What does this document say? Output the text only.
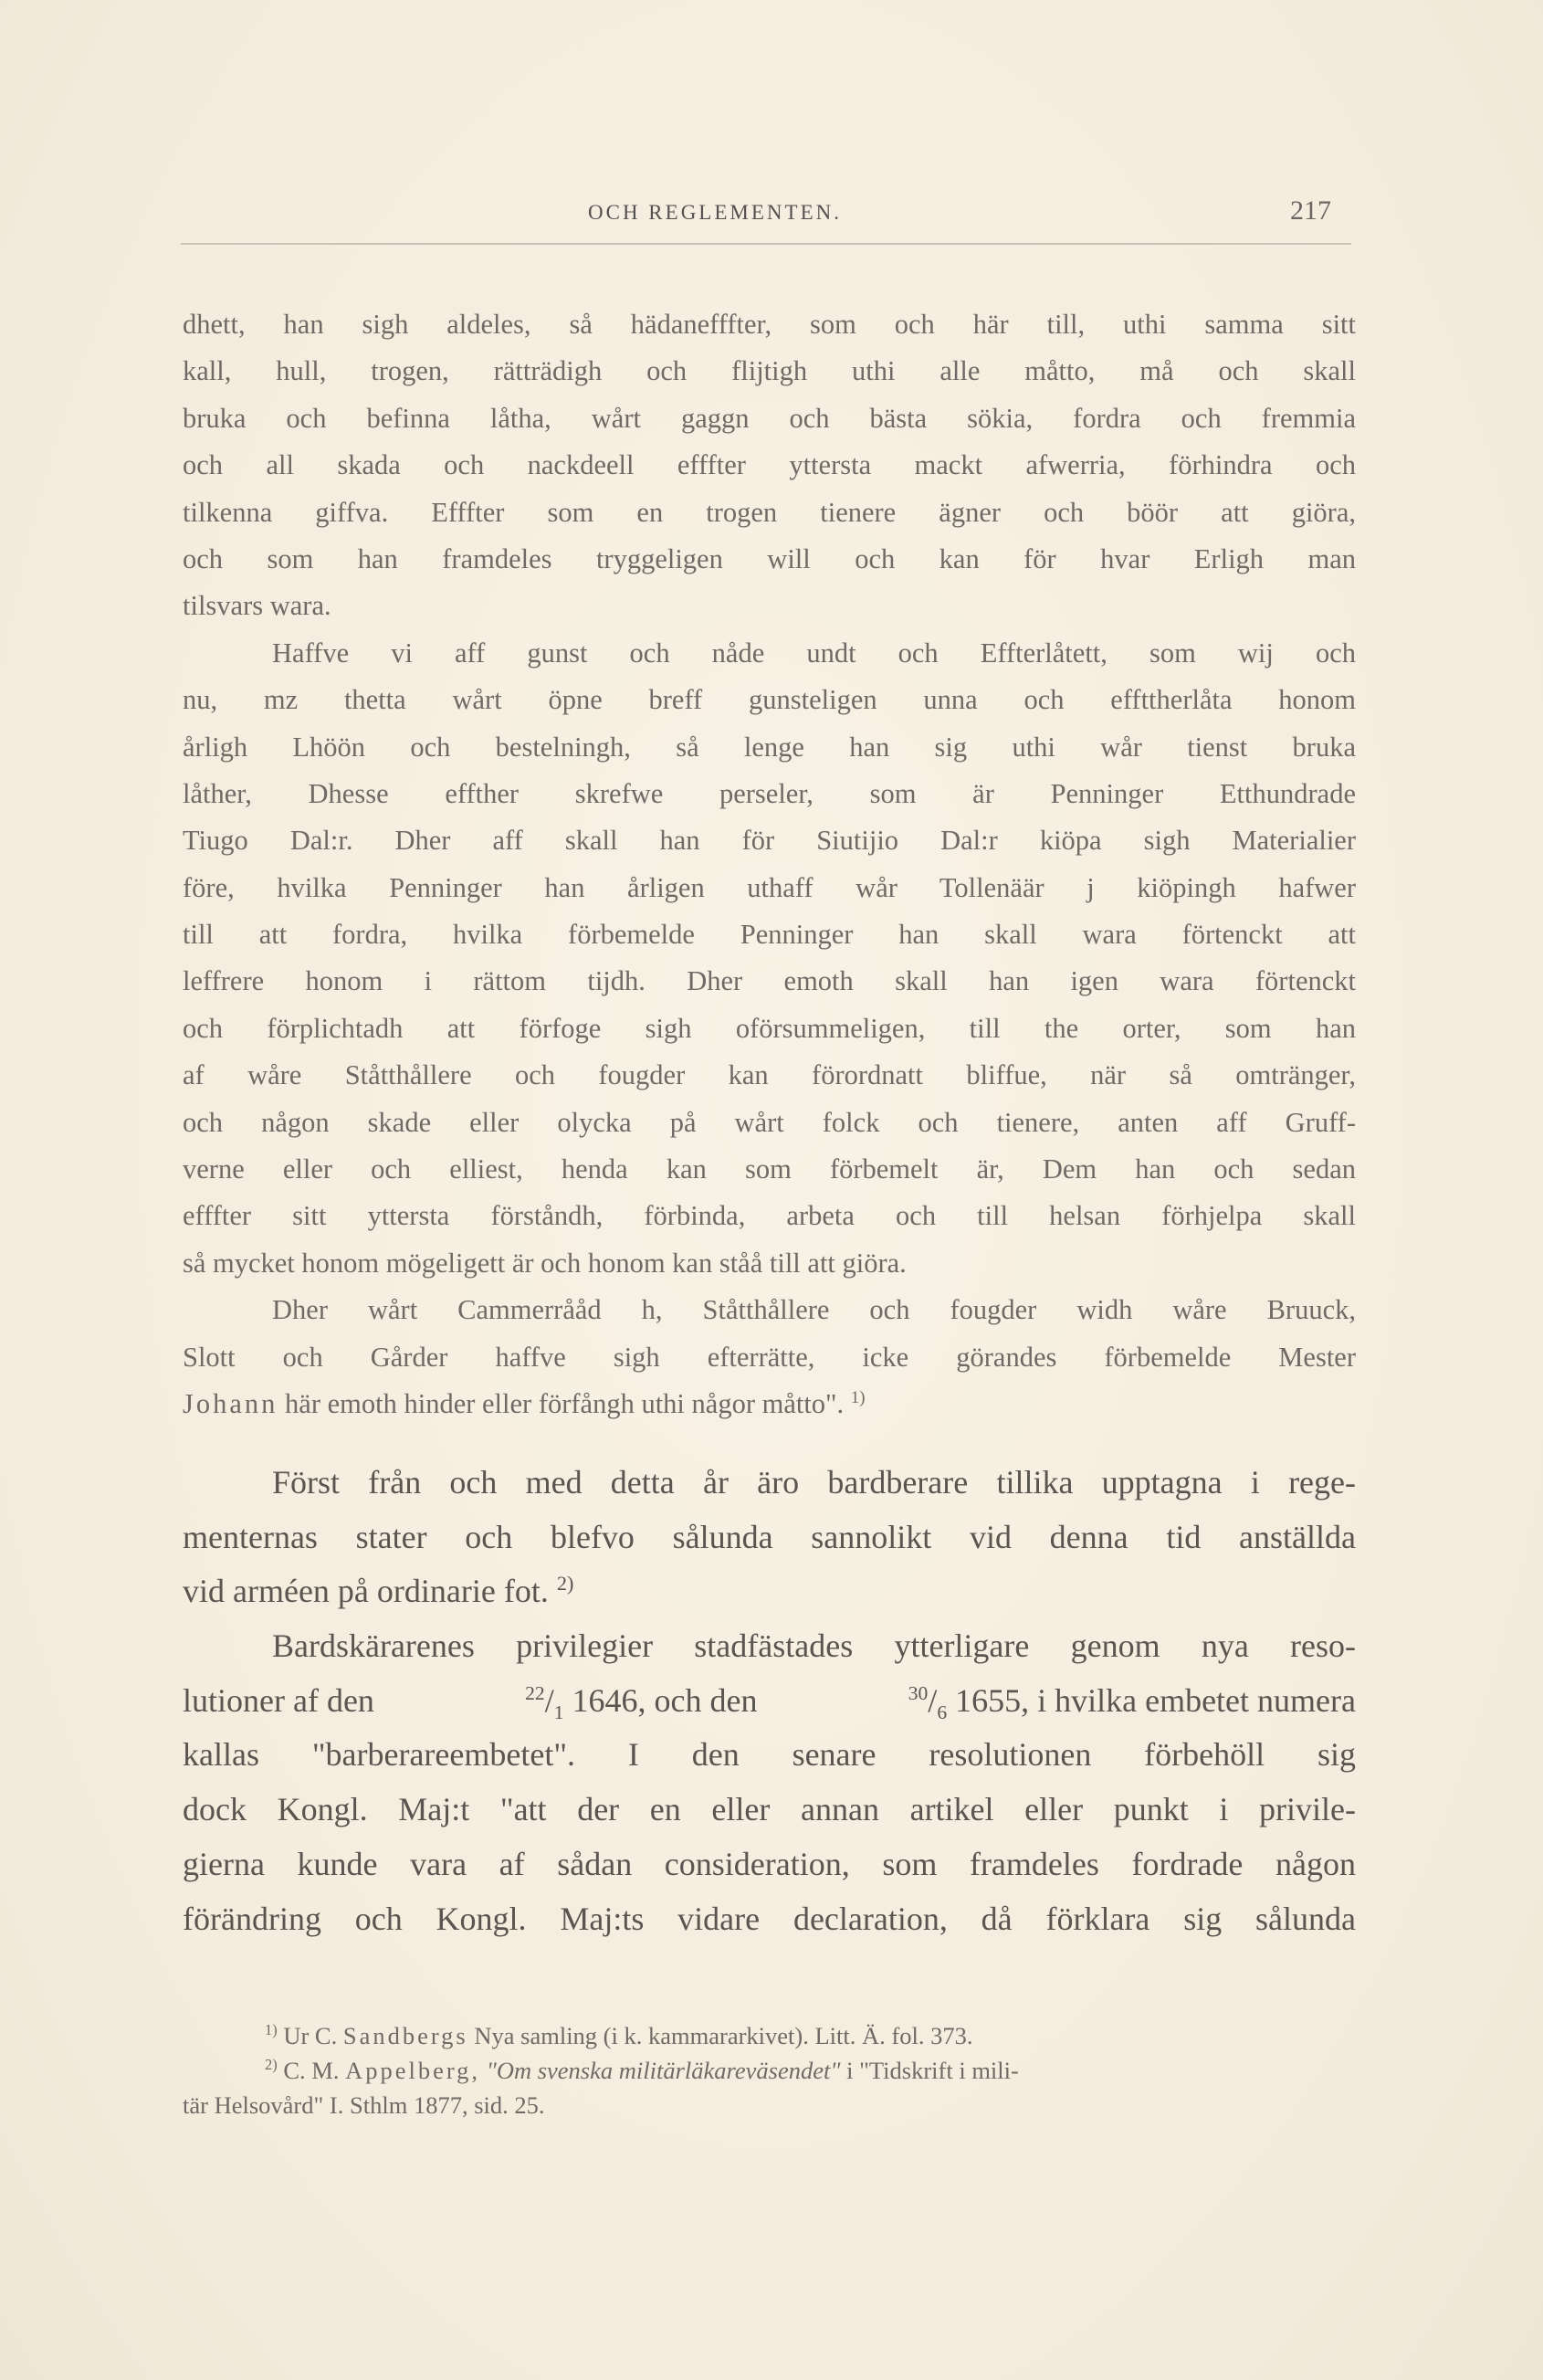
OCH REGLEMENTEN.	217
dhett, han sigh aldeles, så hädanefffter, som och här till, uthi samma sitt
kall, hull, trogen, rätträdigh och flijtigh uthi alle måtto, må och skall
bruka och befinna låtha, wårt gaggn och bästa sökia, fordra och fremmia
och all skada och nackdeell efffter yttersta mackt afwerria, förhindra och
tilkenna giffva. Efffter som en trogen tienere ägner och böör att giöra,
och som han framdeles tryggeligen will och kan för hvar Erligh man
tilsvars wara.
Haffve vi aff gunst och nåde undt och Effterlåtett, som wij och
nu, mz thetta wårt öpne breff gunsteligen unna och effttherlåta honom
årligh Lhöön och bestelningh, så lenge han sig uthi wår tienst bruka
låther, Dhesse effther skrefwe perseler, som är Penninger Etthundrade
Tiugo Dal:r. Dher aff skall han för Siutijio Dal:r kiöpa sigh Materialier
före, hvilka Penninger han årligen uthaff wår Tollenäär j kiöpingh hafwer
till att fordra, hvilka förbemelde Penninger han skall wara förtenckt att
leffrere honom i rättom tijdh. Dher emoth skall han igen wara förtenckt
och förplichtadh att förfoge sigh oförsummeligen, till the orter, som han
af wåre Ståtthållere och fougder kan förordnatt bliffue, när så omtränger,
och någon skade eller olycka på wårt folck och tienere, anten aff Gruff-
verne eller och elliest, henda kan som förbemelt är, Dem han och sedan
efffter sitt yttersta förståndh, förbinda, arbeta och till helsan förhjelpa skall
så mycket honom mögeligett är och honom kan ståå till att giöra.
Dher wårt Cammerrååd h, Ståtthållere och fougder widh wåre Bruuck,
Slott och Gårder haffve sigh efterrätte, icke görandes förbemelde Mester
Johann här emoth hinder eller förfångh uthi någor måtto". $^{1)}$
Först från och med detta år äro bardberare tillika upptagna i rege-
menternas stater och blefvo sålunda sannolikt vid denna tid anställda
vid arméen på ordinarie fot. $^{2)}$
Bardskärarenes privilegier stadfästades ytterligare genom nya reso-
lutioner af den	$^{22}/_1$ 1646, och den	$^{30}/_6$ 1655, i hvilka embetet numera
kallas "barberareembetet". I den senare resolutionen förbehöll sig
dock Kongl. Maj:t "att der en eller annan artikel eller punkt i privile-
gierna kunde vara af sådan consideration, som framdeles fordrade någon
förändring och Kongl. Maj:ts vidare declaration, då förklara sig sålunda
$^{1)}$ Ur C. Sandbergs Nya samling (i k. kammararkivet). Litt. Ä. fol. 373.
$^{2)}$ C. M. Appelberg, "Om svenska militärläkareväsendet" i "Tidskrift i mili-
tär Helsovård" I. Sthlm 1877, sid. 25.
